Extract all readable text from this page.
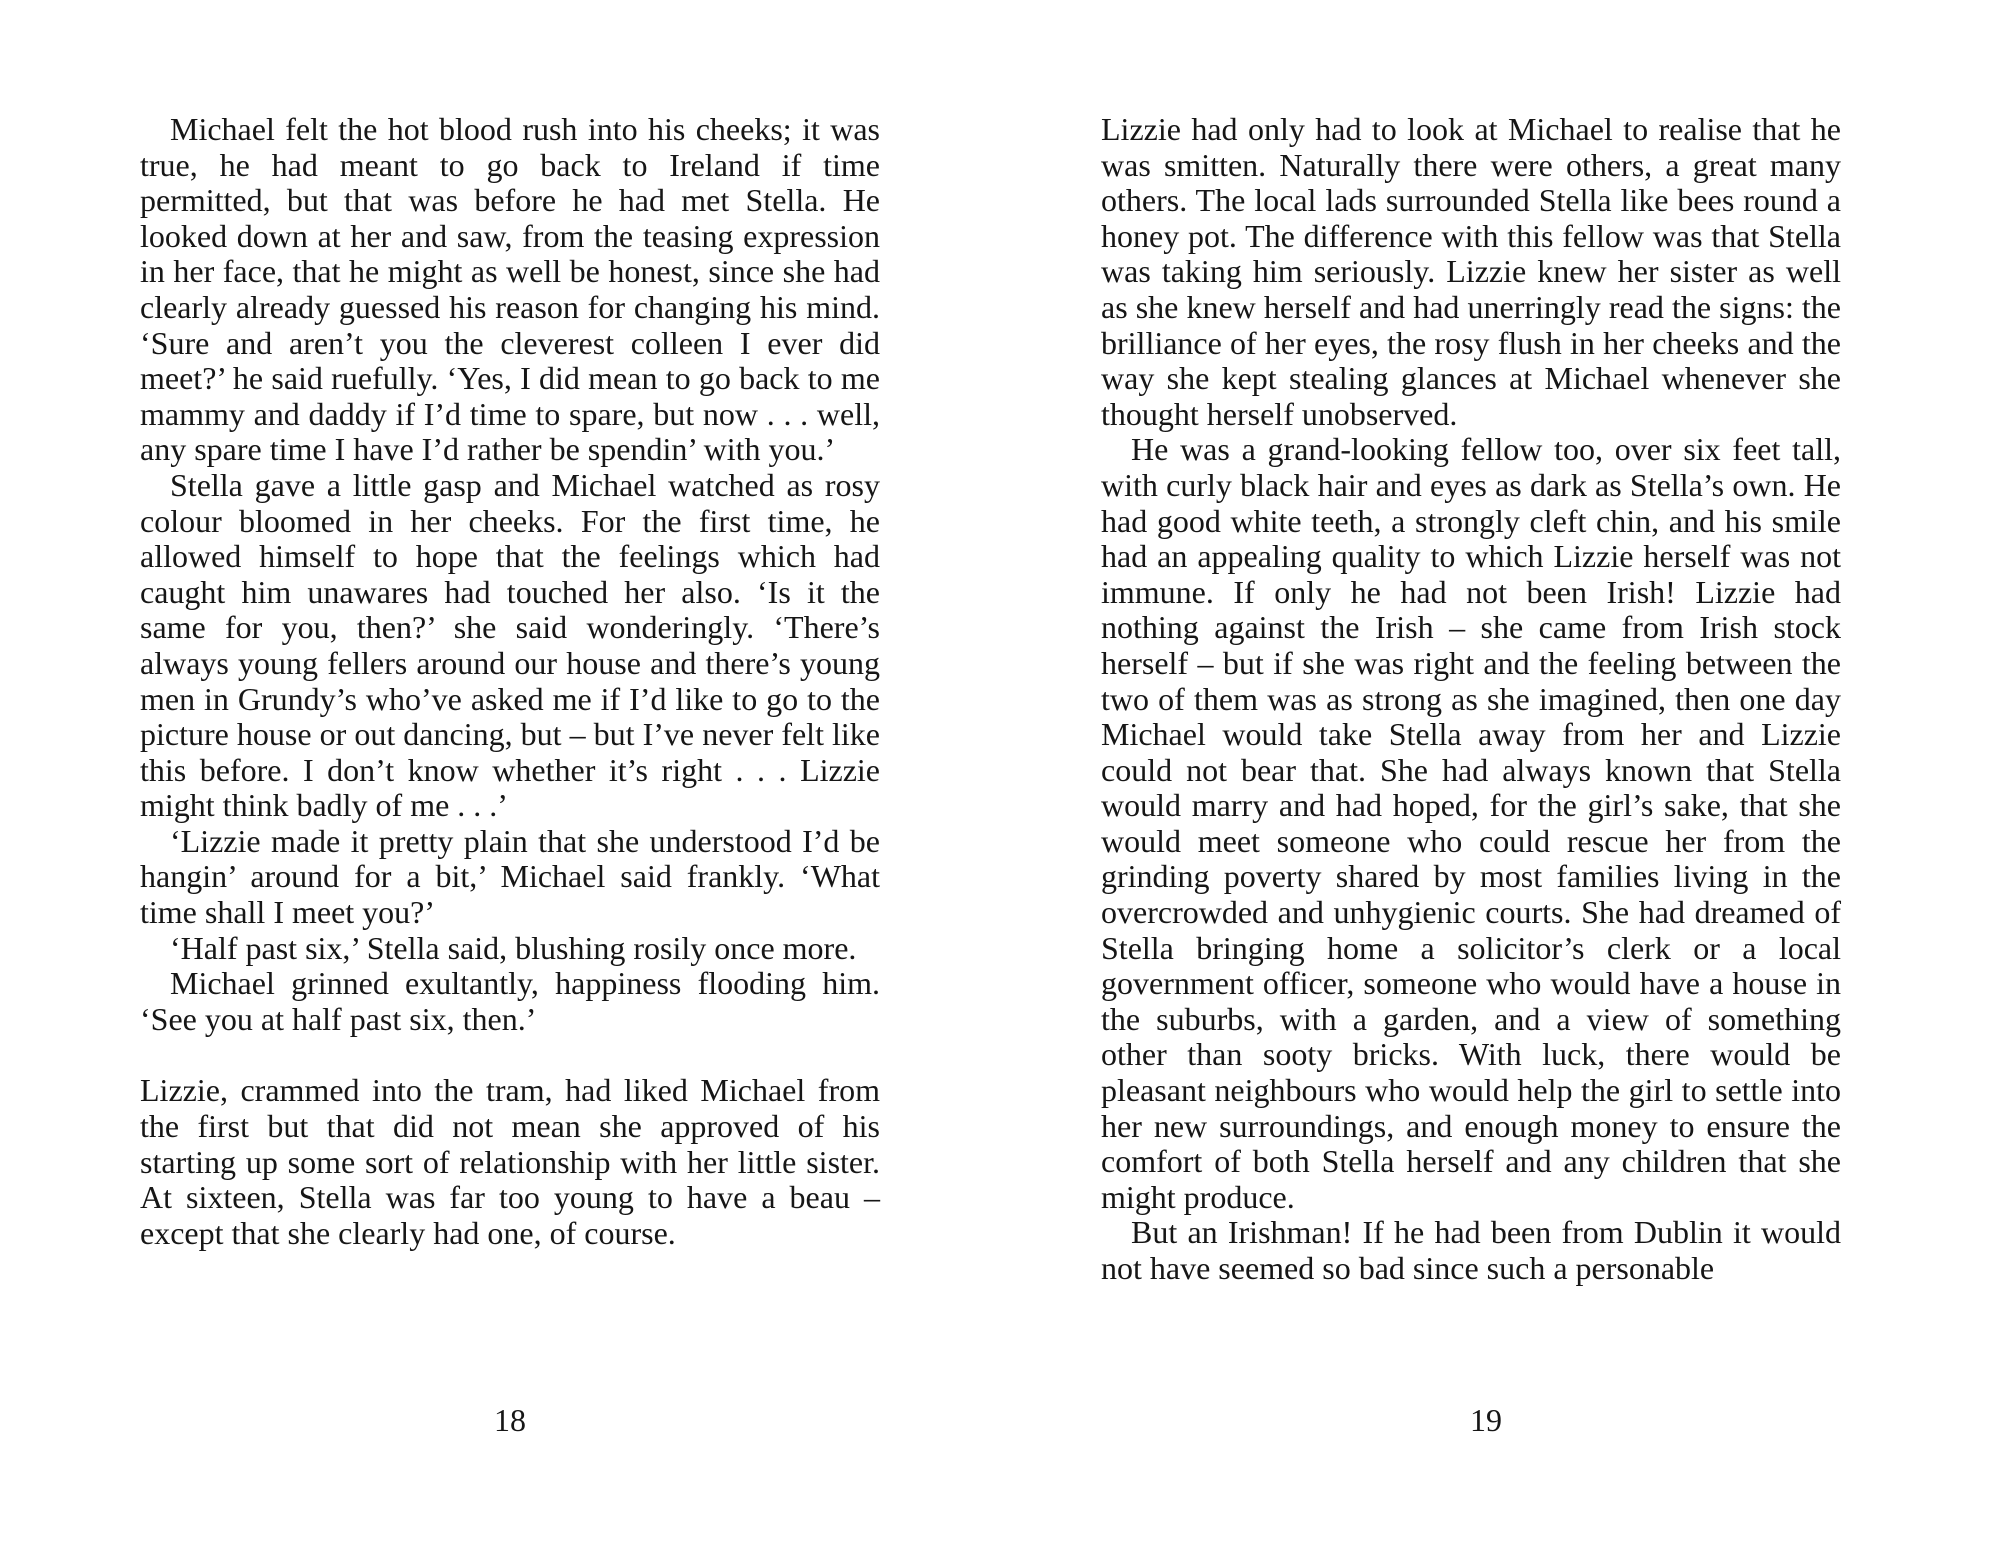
Michael felt the hot blood rush into his cheeks; it was true, he had meant to go back to Ireland if time permitted, but that was before he had met Stella. He looked down at her and saw, from the teasing expression in her face, that he might as well be honest, since she had clearly already guessed his reason for changing his mind. ‘Sure and aren’t you the cleverest colleen I ever did meet?’ he said ruefully. ‘Yes, I did mean to go back to me mammy and daddy if I’d time to spare, but now . . . well, any spare time I have I’d rather be spendin’ with you.’

Stella gave a little gasp and Michael watched as rosy colour bloomed in her cheeks. For the first time, he allowed himself to hope that the feelings which had caught him unawares had touched her also. ‘Is it the same for you, then?’ she said wonderingly. ‘There’s always young fellers around our house and there’s young men in Grundy’s who’ve asked me if I’d like to go to the picture house or out dancing, but – but I’ve never felt like this before. I don’t know whether it’s right . . . Lizzie might think badly of me . . .’

‘Lizzie made it pretty plain that she understood I’d be hangin’ around for a bit,’ Michael said frankly. ‘What time shall I meet you?’

‘Half past six,’ Stella said, blushing rosily once more.

Michael grinned exultantly, happiness flooding him. ‘See you at half past six, then.’

Lizzie, crammed into the tram, had liked Michael from the first but that did not mean she approved of his starting up some sort of relationship with her little sister. At sixteen, Stella was far too young to have a beau – except that she clearly had one, of course.

Lizzie had only had to look at Michael to realise that he was smitten. Naturally there were others, a great many others. The local lads surrounded Stella like bees round a honey pot. The difference with this fellow was that Stella was taking him seriously. Lizzie knew her sister as well as she knew herself and had unerringly read the signs: the brilliance of her eyes, the rosy flush in her cheeks and the way she kept stealing glances at Michael whenever she thought herself unobserved.

He was a grand-looking fellow too, over six feet tall, with curly black hair and eyes as dark as Stella’s own. He had good white teeth, a strongly cleft chin, and his smile had an appealing quality to which Lizzie herself was not immune. If only he had not been Irish! Lizzie had nothing against the Irish – she came from Irish stock herself – but if she was right and the feeling between the two of them was as strong as she imagined, then one day Michael would take Stella away from her and Lizzie could not bear that. She had always known that Stella would marry and had hoped, for the girl’s sake, that she would meet someone who could rescue her from the grinding poverty shared by most families living in the overcrowded and unhygienic courts. She had dreamed of Stella bringing home a solicitor’s clerk or a local government officer, someone who would have a house in the suburbs, with a garden, and a view of something other than sooty bricks. With luck, there would be pleasant neighbours who would help the girl to settle into her new surroundings, and enough money to ensure the comfort of both Stella herself and any children that she might produce.

But an Irishman! If he had been from Dublin it would not have seemed so bad since such a personable

18	19
